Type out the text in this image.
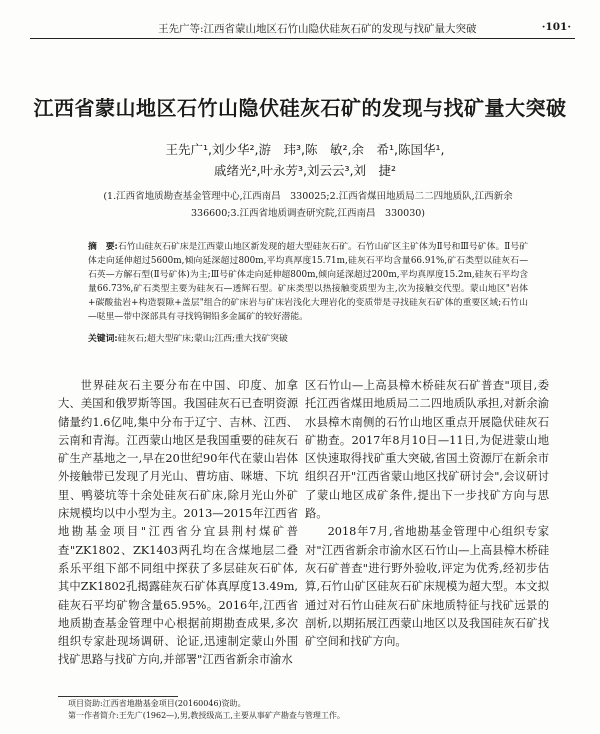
王先广等:江西省蒙山地区石竹山隐伏硅灰石矿的发现与找矿量大突破	·101·
江西省蒙山地区石竹山隐伏硅灰石矿的发现与找矿量大突破
王先广¹,刘少华²,游　玮³,陈　敏²,余　希¹,陈国华¹,
戚绪光²,叶永芳³,刘云云³,刘　捷²
(1.江西省地质勘查基金管理中心,江西南昌　330025;2.江西省煤田地质局二二四地质队,江西新余　336600;3.江西省地质调查研究院,江西南昌　330030)
摘　要:石竹山硅灰石矿床是江西蒙山地区新发现的超大型硅灰石矿。石竹山矿区主矿体为Ⅱ号和Ⅲ号矿体。Ⅱ号矿体走向延伸超过5600m,倾向延深超过800m,平均真厚度15.71m,硅灰石平均含量66.91%,矿石类型以硅灰石—石英—方解石型(Ⅱ号矿体)为主;Ⅲ号矿体走向延伸超800m,倾向延深超过200m,平均真厚度15.2m,硅灰石平均含量66.73%,矿石类型主要为硅灰石—透辉石型。矿床类型以热接触变质型为主,次为接触交代型。蒙山地区"岩体+碳酸盐岩+构造裂隙+盖层"组合的矿床岩与矿床岩浅化大理岩化的变质带是寻找硅灰石矿体的重要区域;石竹山—哒里—带中深部具有寻找钨铜铅多金属矿的较好潜能。
关键词:硅灰石;超大型矿床;蒙山;江西;重大找矿突破

世界硅灰石主要分布在中国、印度、加拿大、美国和俄罗斯等国。我国硅灰石已查明资源储量约1.6亿吨,集中分布于辽宁、吉林、江西、云南和青海。江西蒙山地区是我国重要的硅灰石矿生产基地之一,早在20世纪90年代在蒙山岩体外接触带已发现了月光山、曹坊庙、咪塘、下坑里、鸭婆坑等十余处硅灰石矿床,除月光山外矿床规模均以中小型为主。2013—2015年江西省地勘基金项目"江西省分宜县荆村煤矿普查"ZK1802、ZK1403两孔均在含煤地层二叠系乐平组下部不同组中探获了多层硅灰石矿体,其中ZK1802孔揭露硅灰石矿体真厚度13.49m,硅灰石平均矿物含量65.95%。2016年,江西省地质勘查基金管理中心根据前期勘查成果,多次组织专家赴现场调研、论证,迅速制定蒙山外围找矿思路与找矿方向,并部署"江西省新余市渝水

区石竹山—上高县樟木桥硅灰石矿普查"项目,委托江西省煤田地质局二二四地质队承担,对新余渝水县樟木南侧的石竹山地区重点开展隐伏硅灰石矿勘查。2017年8月10日—11日,为促进蒙山地区快速取得找矿重大突破,省国土资源厅在新余市组织召开"江西省蒙山地区找矿研讨会",会议研讨了蒙山地区成矿条件,提出下一步找矿方向与思路。

2018年7月,省地勘基金管理中心组织专家对"江西省新余市渝水区石竹山—上高县樟木桥硅灰石矿普查"进行野外验收,评定为优秀,经初步估算,石竹山矿区硅灰石矿床规模为超大型。本文拟通过对石竹山硅灰石矿床地质特征与找矿远景的剖析,以期拓展江西蒙山地区以及我国硅灰石矿找矿空间和找矿方向。

项目资助:江西省地勘基金项目(20160046)资助。
第一作者简介:王先广(1962—),男,教授级高工,主要从事矿产勘查与管理工作。
